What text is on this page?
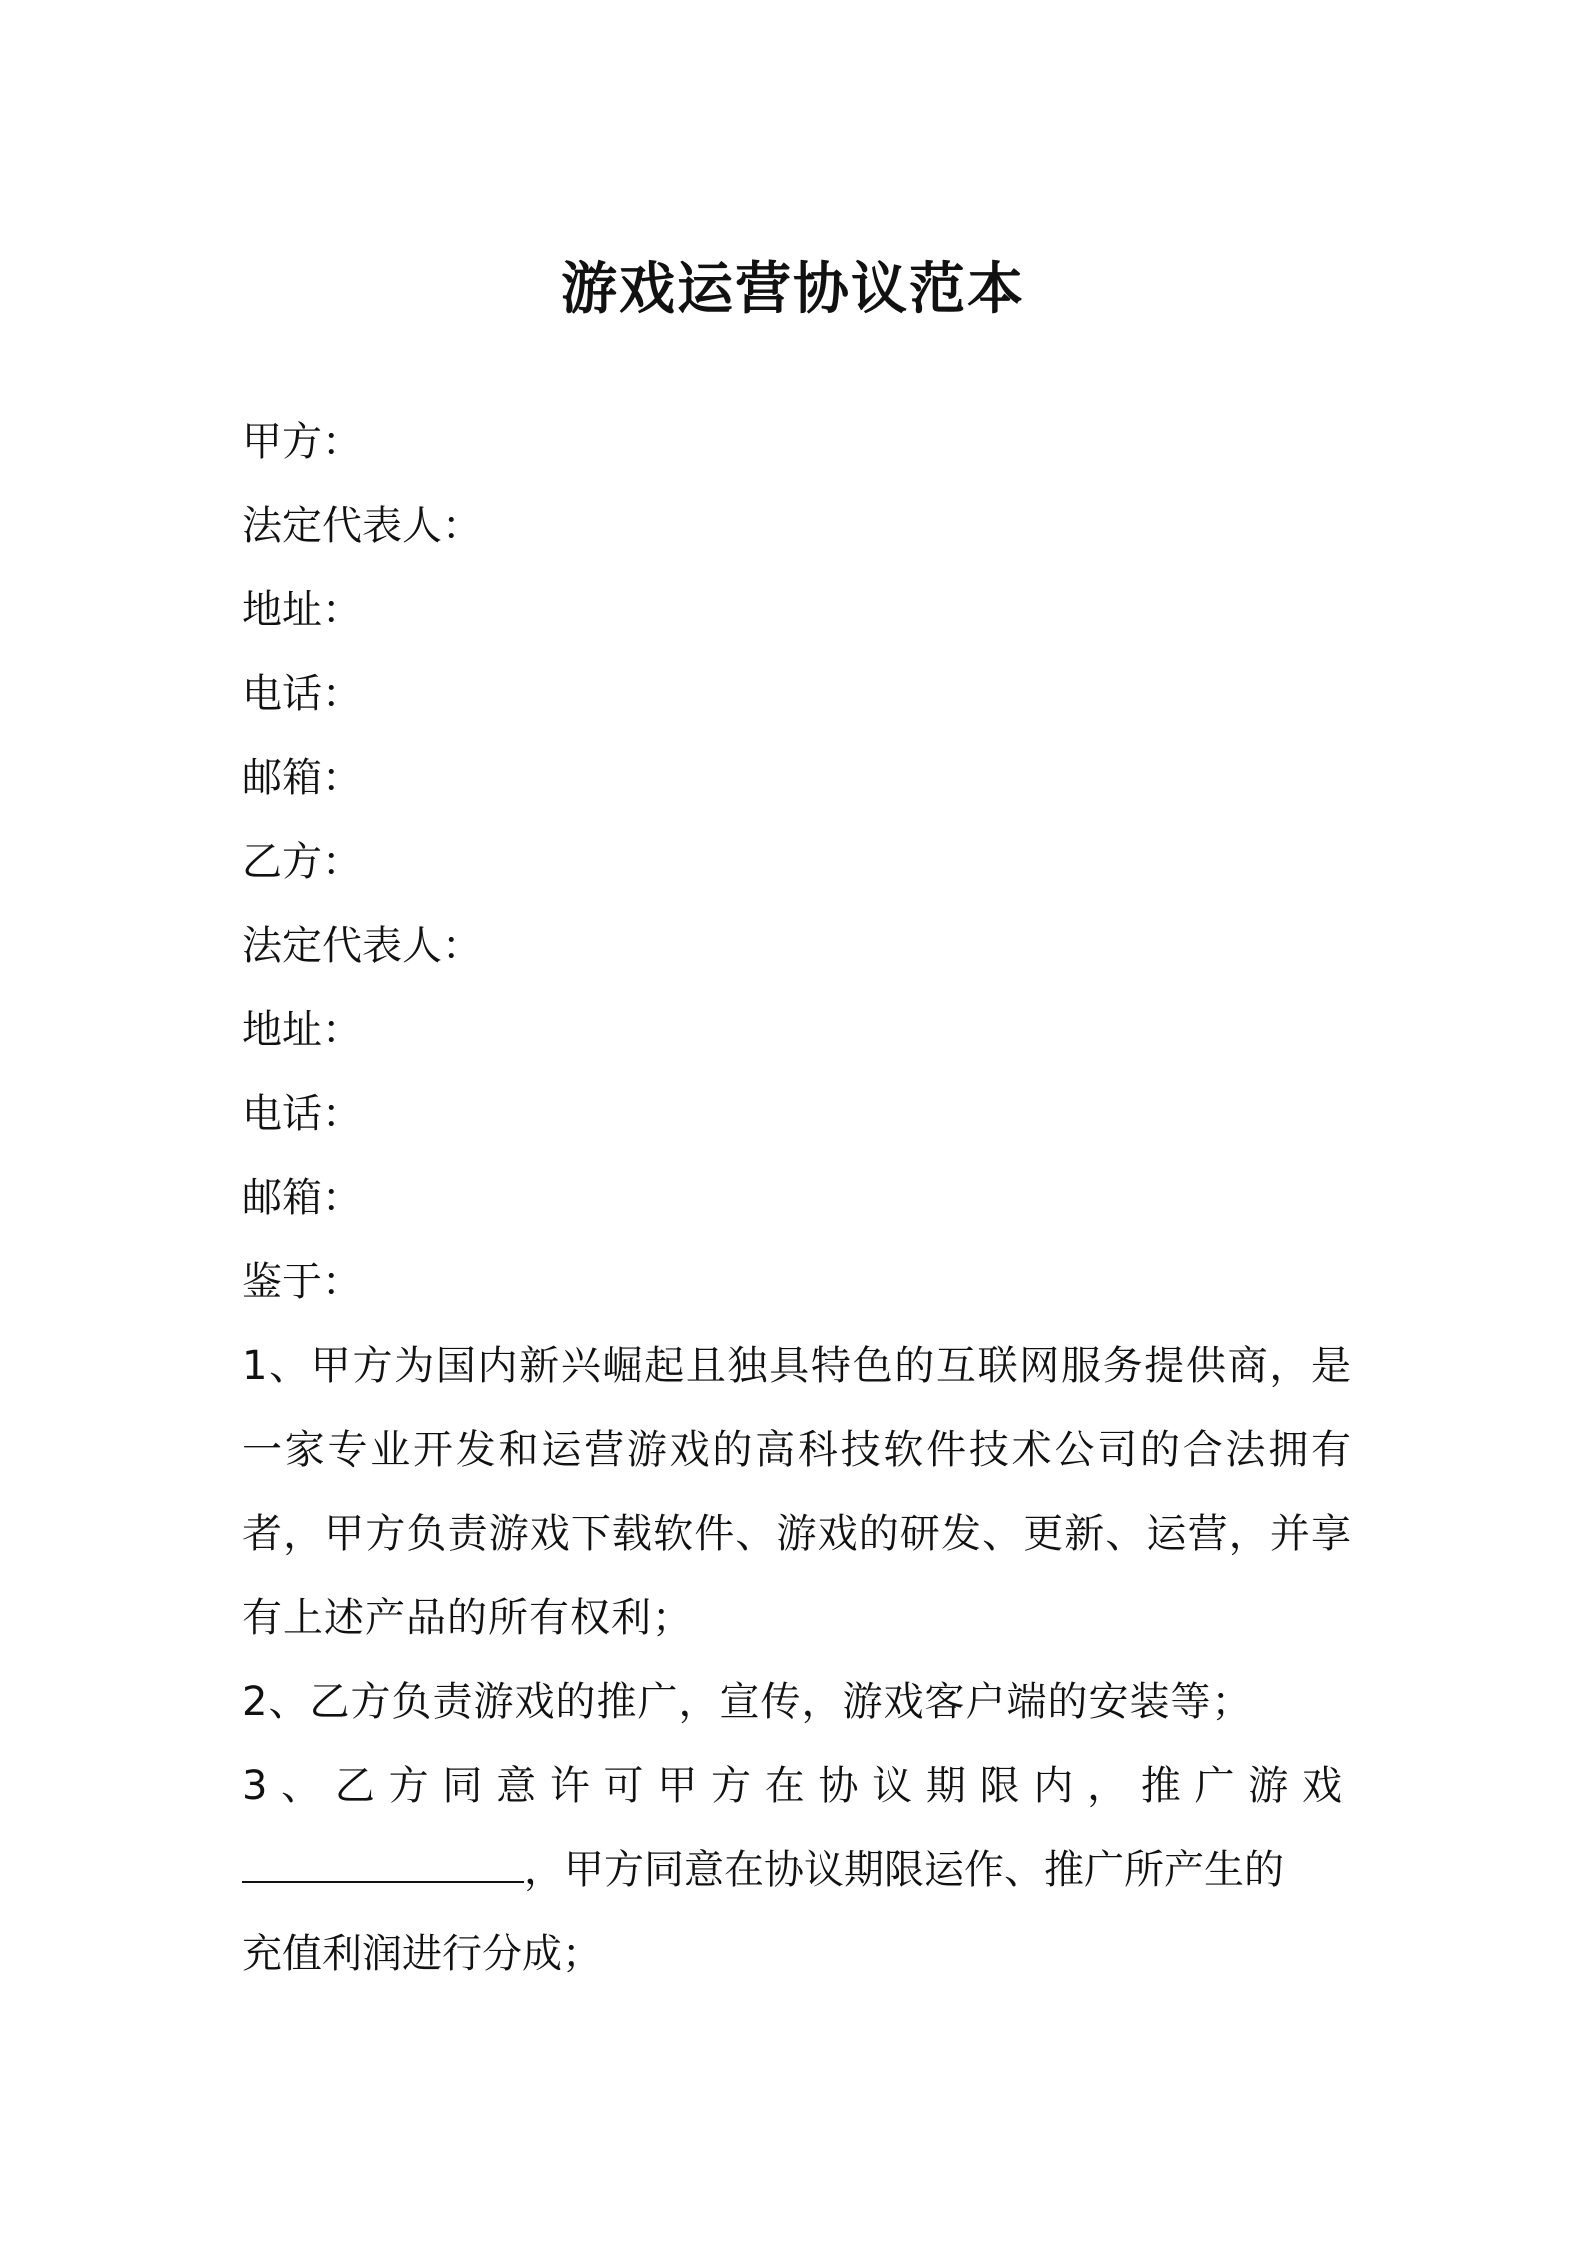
游戏运营协议范本

甲方：

法定代表人：

地址：

电话：

邮箱：

乙方：

法定代表人：

地址：

电话：

邮箱：

鉴于：

1、甲方为国内新兴崛起且独具特色的互联网服务提供商，是一家专业开发和运营游戏的高科技软件技术公司的合法拥有者，甲方负责游戏下载软件、游戏的研发、更新、运营，并享有上述产品的所有权利；

2、乙方负责游戏的推广，宣传，游戏客户端的安装等；

3、乙方同意许可甲方在协议期限内，推广游戏
，甲方同意在协议期限运作、推广所产生的
充值利润进行分成；
